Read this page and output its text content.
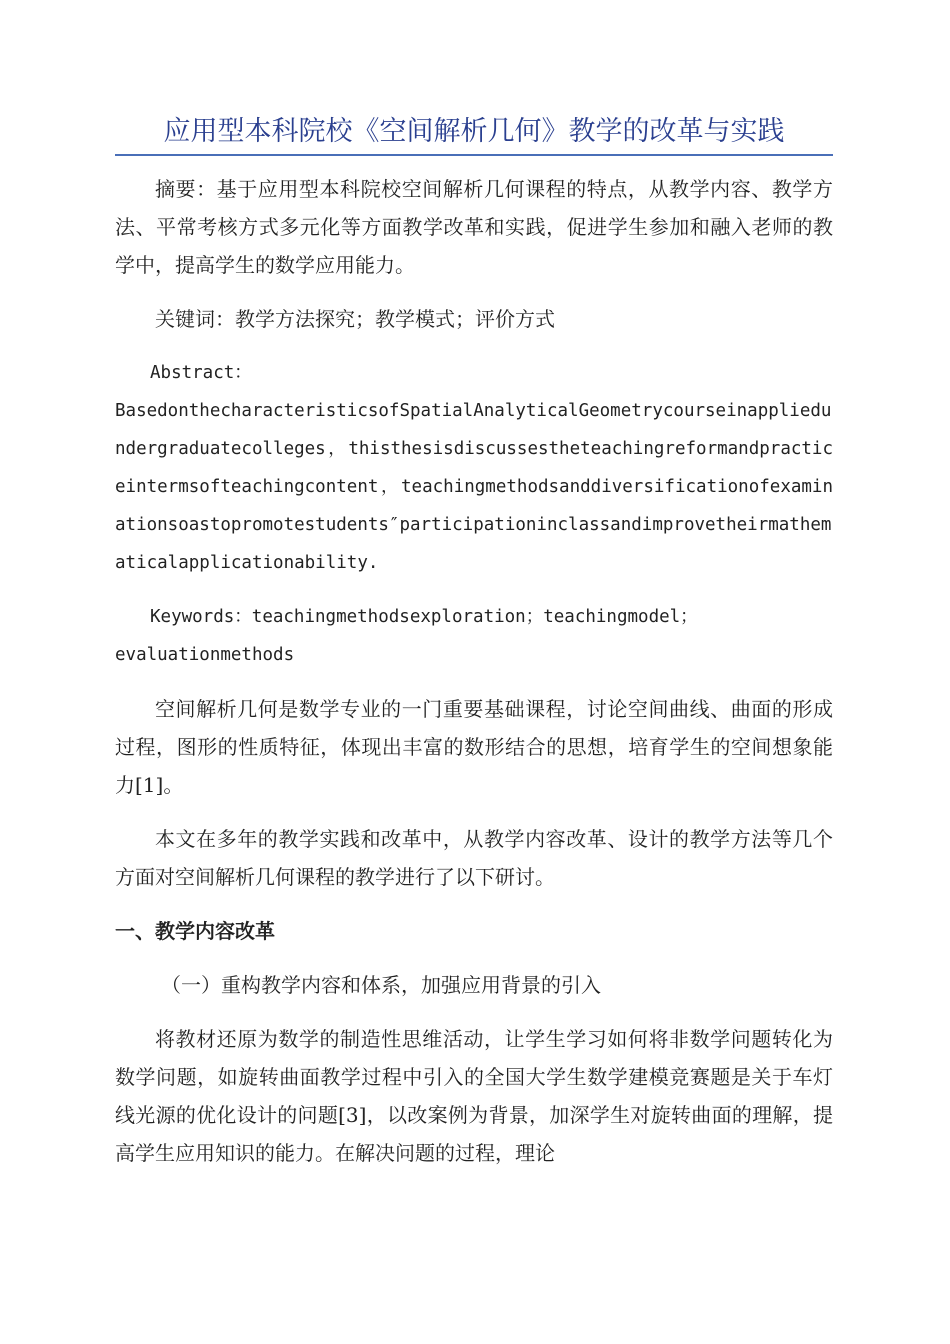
应用型本科院校《空间解析几何》教学的改革与实践

摘要：基于应用型本科院校空间解析几何课程的特点，从教学内容、教学方法、平常考核方式多元化等方面教学改革和实践，促进学生参加和融入老师的教学中，提高学生的数学应用能力。

关键词：教学方法探究；教学模式；评价方式

Abstract：

BasedonthecharacteristicsofSpatialAnalyticalGeometrycourseinappliedundergraduatecolleges，thisthesisdiscussestheteachingreformandpracticeintermsofteachingcontent，teachingmethodsanddiversificationofexaminationsoastopromotestudents″participationinclassandimprovetheirmathematicalapplicationability.

Keywords：teachingmethodsexploration；teachingmodel；

evaluationmethods

空间解析几何是数学专业的一门重要基础课程，讨论空间曲线、曲面的形成过程，图形的性质特征，体现出丰富的数形结合的思想，培育学生的空间想象能力[1]。

本文在多年的教学实践和改革中，从教学内容改革、设计的教学方法等几个方面对空间解析几何课程的教学进行了以下研讨。

一、教学内容改革

（一）重构教学内容和体系，加强应用背景的引入

将教材还原为数学的制造性思维活动，让学生学习如何将非数学问题转化为数学问题，如旋转曲面教学过程中引入的全国大学生数学建模竞赛题是关于车灯线光源的优化设计的问题[3]，以改案例为背景，加深学生对旋转曲面的理解，提高学生应用知识的能力。在解决问题的过程，理论
